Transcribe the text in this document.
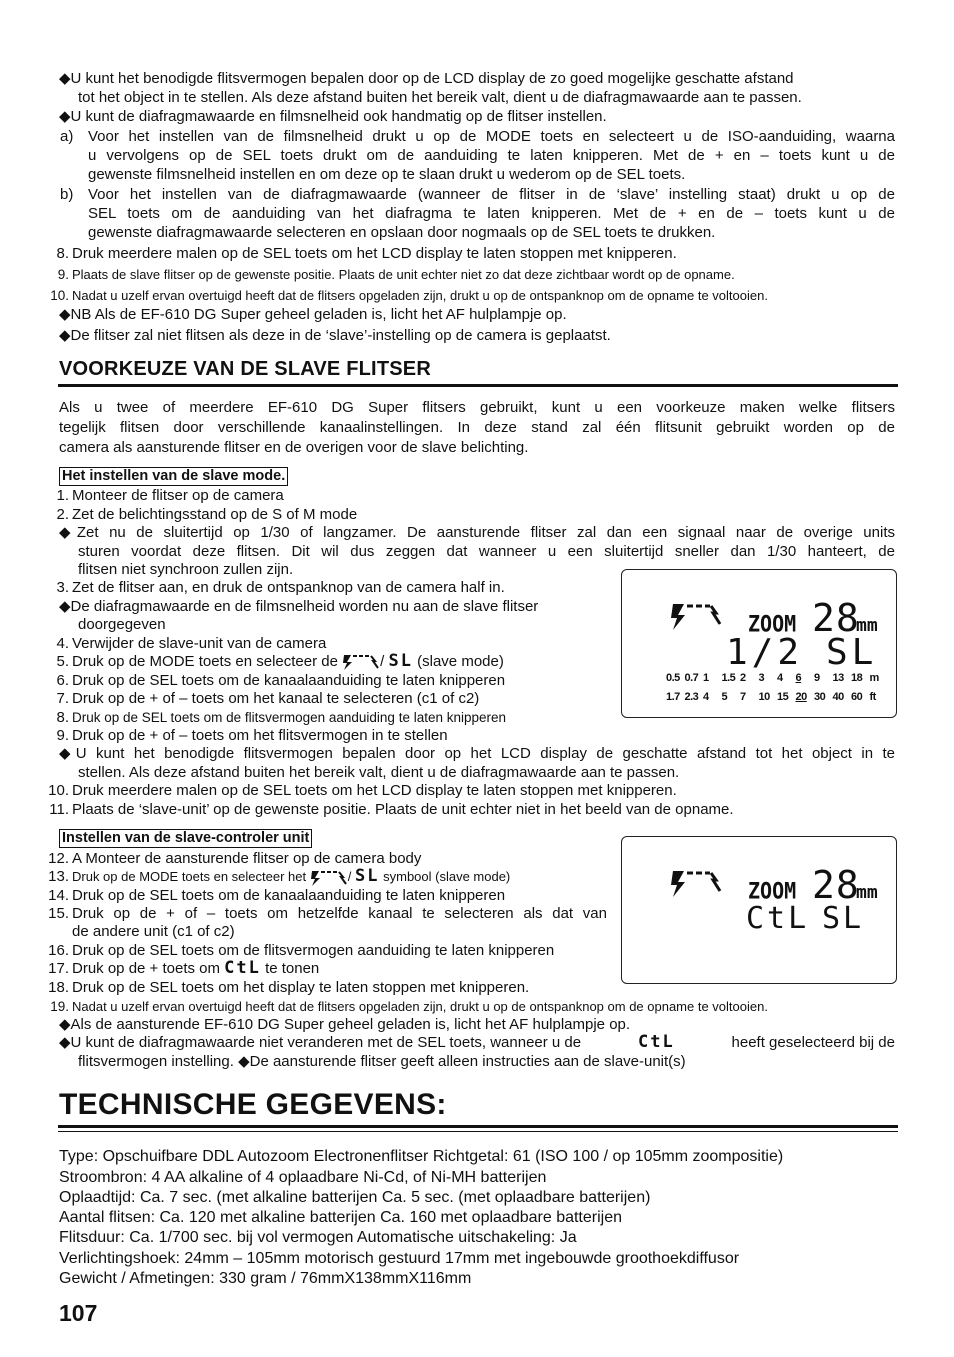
◆U kunt het benodigde flitsvermogen bepalen door op de LCD display de zo goed mogelijke geschatte afstand
tot het object in te stellen. Als deze afstand buiten het bereik valt, dient u de diafragmawaarde aan te passen.
◆U kunt de diafragmawaarde en filmsnelheid ook handmatig op de flitser instellen.
a) Voor het instellen van de filmsnelheid drukt u op de MODE toets en selecteert u de ISO-aanduiding, waarna
u vervolgens op de SEL toets drukt om de aanduiding te laten knipperen. Met de + en – toets kunt u de
gewenste filmsnelheid instellen en om deze op te slaan drukt u wederom op de SEL toets.
b) Voor het instellen van de diafragmawaarde (wanneer de flitser in de ‘slave’ instelling staat) drukt u op de
SEL toets om de aanduiding van het diafragma te laten knipperen. Met de + en de – toets kunt u de
gewenste diafragmawaarde selecteren en opslaan door nogmaals op de SEL toets te drukken.
8. Druk meerdere malen op de SEL toets om het LCD display te laten stoppen met knipperen.
9. Plaats de slave flitser op de gewenste positie. Plaats de unit echter niet zo dat deze zichtbaar wordt op de opname.
10. Nadat u uzelf ervan overtuigd heeft dat de flitsers opgeladen zijn, drukt u op de ontspanknop om de opname te voltooien.
◆NB Als de EF-610 DG Super geheel geladen is, licht het AF hulplampje op.
◆De flitser zal niet flitsen als deze in de ‘slave’-instelling op de camera is geplaatst.
VOORKEUZE VAN DE SLAVE FLITSER
Als u twee of meerdere EF-610 DG Super flitsers gebruikt, kunt u een voorkeuze maken welke flitsers
tegelijk flitsen door verschillende kanaalinstellingen. In deze stand zal één flitsunit gebruikt worden op de
camera als aansturende flitser en de overigen voor de slave belichting.
Het instellen van de slave mode.
1. Monteer de flitser op de camera
2. Zet de belichtingsstand op de S of M mode
◆Zet nu de sluitertijd op 1/30 of langzamer. De aansturende flitser zal dan een signaal naar de overige units
sturen voordat deze flitsen. Dit wil dus zeggen dat wanneer u een sluitertijd sneller dan 1/30 hanteert, de
flitsen niet synchroon zullen zijn.
3. Zet de flitser aan, en druk de ontspanknop van de camera half in.
◆De diafragmawaarde en de filmsnelheid worden nu aan de slave flitser
doorgegeven
4. Verwijder de slave-unit van de camera
5. Druk op de MODE toets en selecteer de	/ SL (slave mode)
6. Druk op de SEL toets om de kanaalaanduiding te laten knipperen
7. Druk op de + of – toets om het kanaal te selecteren (c1 of c2)
8. Druk op de SEL toets om de flitsvermogen aanduiding te laten knipperen
9. Druk op de + of – toets om het flitsvermogen in te stellen
◆U kunt het benodigde flitsvermogen bepalen door op het LCD display de geschatte afstand tot het object in te
stellen. Als deze afstand buiten het bereik valt, dient u de diafragmawaarde aan te passen.
10. Druk meerdere malen op de SEL toets om het LCD display te laten stoppen met knipperen.
11. Plaats de ‘slave-unit’ op de gewenste positie. Plaats de unit echter niet in het beeld van de opname.
ZOOM 28
mm
1/2 SL
0.5 0.7 1 1.5 2 3 4 6 9 13 18 m
1.7 2.3 4 5 7 10 15 20 30 40 60 ft
Instellen van de slave-controler unit
12. A Monteer de aansturende flitser op de camera body
13. Druk op de MODE toets en selecteer het	/ SL symbool (slave mode)
14. Druk op de SEL toets om de kanaalaanduiding te laten knipperen
15. Druk op de + of – toets om hetzelfde kanaal te selecteren als dat van
de andere unit (c1 of c2)
16. Druk op de SEL toets om de flitsvermogen aanduiding te laten knipperen
17. Druk op de + toets om CtL te tonen
18. Druk op de SEL toets om het display te laten stoppen met knipperen.
19. Nadat u uzelf ervan overtuigd heeft dat de flitsers opgeladen zijn, drukt u op de ontspanknop om de opname te voltooien.
◆Als de aansturende EF-610 DG Super geheel geladen is, licht het AF hulplampje op.
◆U kunt de diafragmawaarde niet veranderen met de SEL toets, wanneer u de	CtL	heeft geselecteerd bij de
flitsvermogen instelling. ◆De aansturende flitser geeft alleen instructies aan de slave-unit(s)
ZOOM 28
mm
CtL SL
TECHNISCHE GEGEVENS:
Type: Opschuifbare DDL Autozoom Electronenflitser Richtgetal: 61 (ISO 100 / op 105mm zoompositie)
Stroombron: 4 AA alkaline of 4 oplaadbare Ni-Cd, of Ni-MH batterijen
Oplaadtijd: Ca. 7 sec. (met alkaline batterijen Ca. 5 sec. (met oplaadbare batterijen)
Aantal flitsen: Ca. 120 met alkaline batterijen Ca. 160 met oplaadbare batterijen
Flitsduur: Ca. 1/700 sec. bij vol vermogen Automatische uitschakeling: Ja
Verlichtingshoek: 24mm – 105mm motorisch gestuurd 17mm met ingebouwde groothoekdiffusor
Gewicht / Afmetingen: 330 gram / 76mmX138mmX116mm
107
